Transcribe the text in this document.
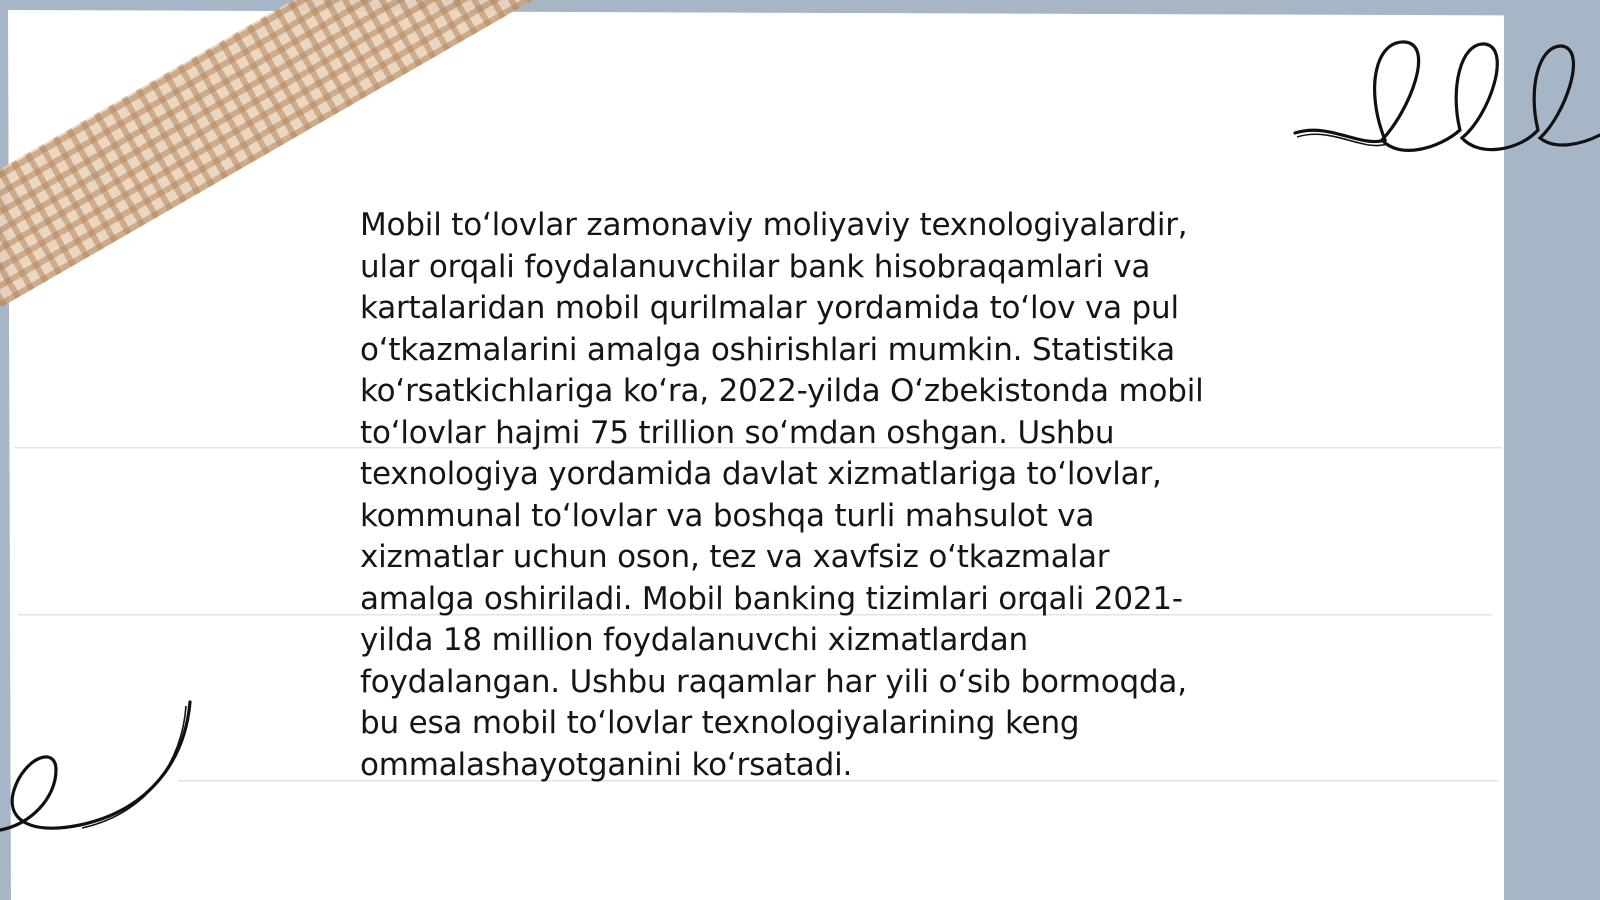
Mobil to‘lovlar zamonaviy moliyaviy texnologiyalardir,
ular orqali foydalanuvchilar bank hisobraqamlari va
kartalaridan mobil qurilmalar yordamida to‘lov va pul
o‘tkazmalarini amalga oshirishlari mumkin. Statistika
ko‘rsatkichlariga ko‘ra, 2022-yilda O‘zbekistonda mobil
to‘lovlar hajmi 75 trillion so‘mdan oshgan. Ushbu
texnologiya yordamida davlat xizmatlariga to‘lovlar,
kommunal to‘lovlar va boshqa turli mahsulot va
xizmatlar uchun oson, tez va xavfsiz o‘tkazmalar
amalga oshiriladi. Mobil banking tizimlari orqali 2021-
yilda 18 million foydalanuvchi xizmatlardan
foydalangan. Ushbu raqamlar har yili o‘sib bormoqda,
bu esa mobil to‘lovlar texnologiyalarining keng
ommalashayotganini ko‘rsatadi.
